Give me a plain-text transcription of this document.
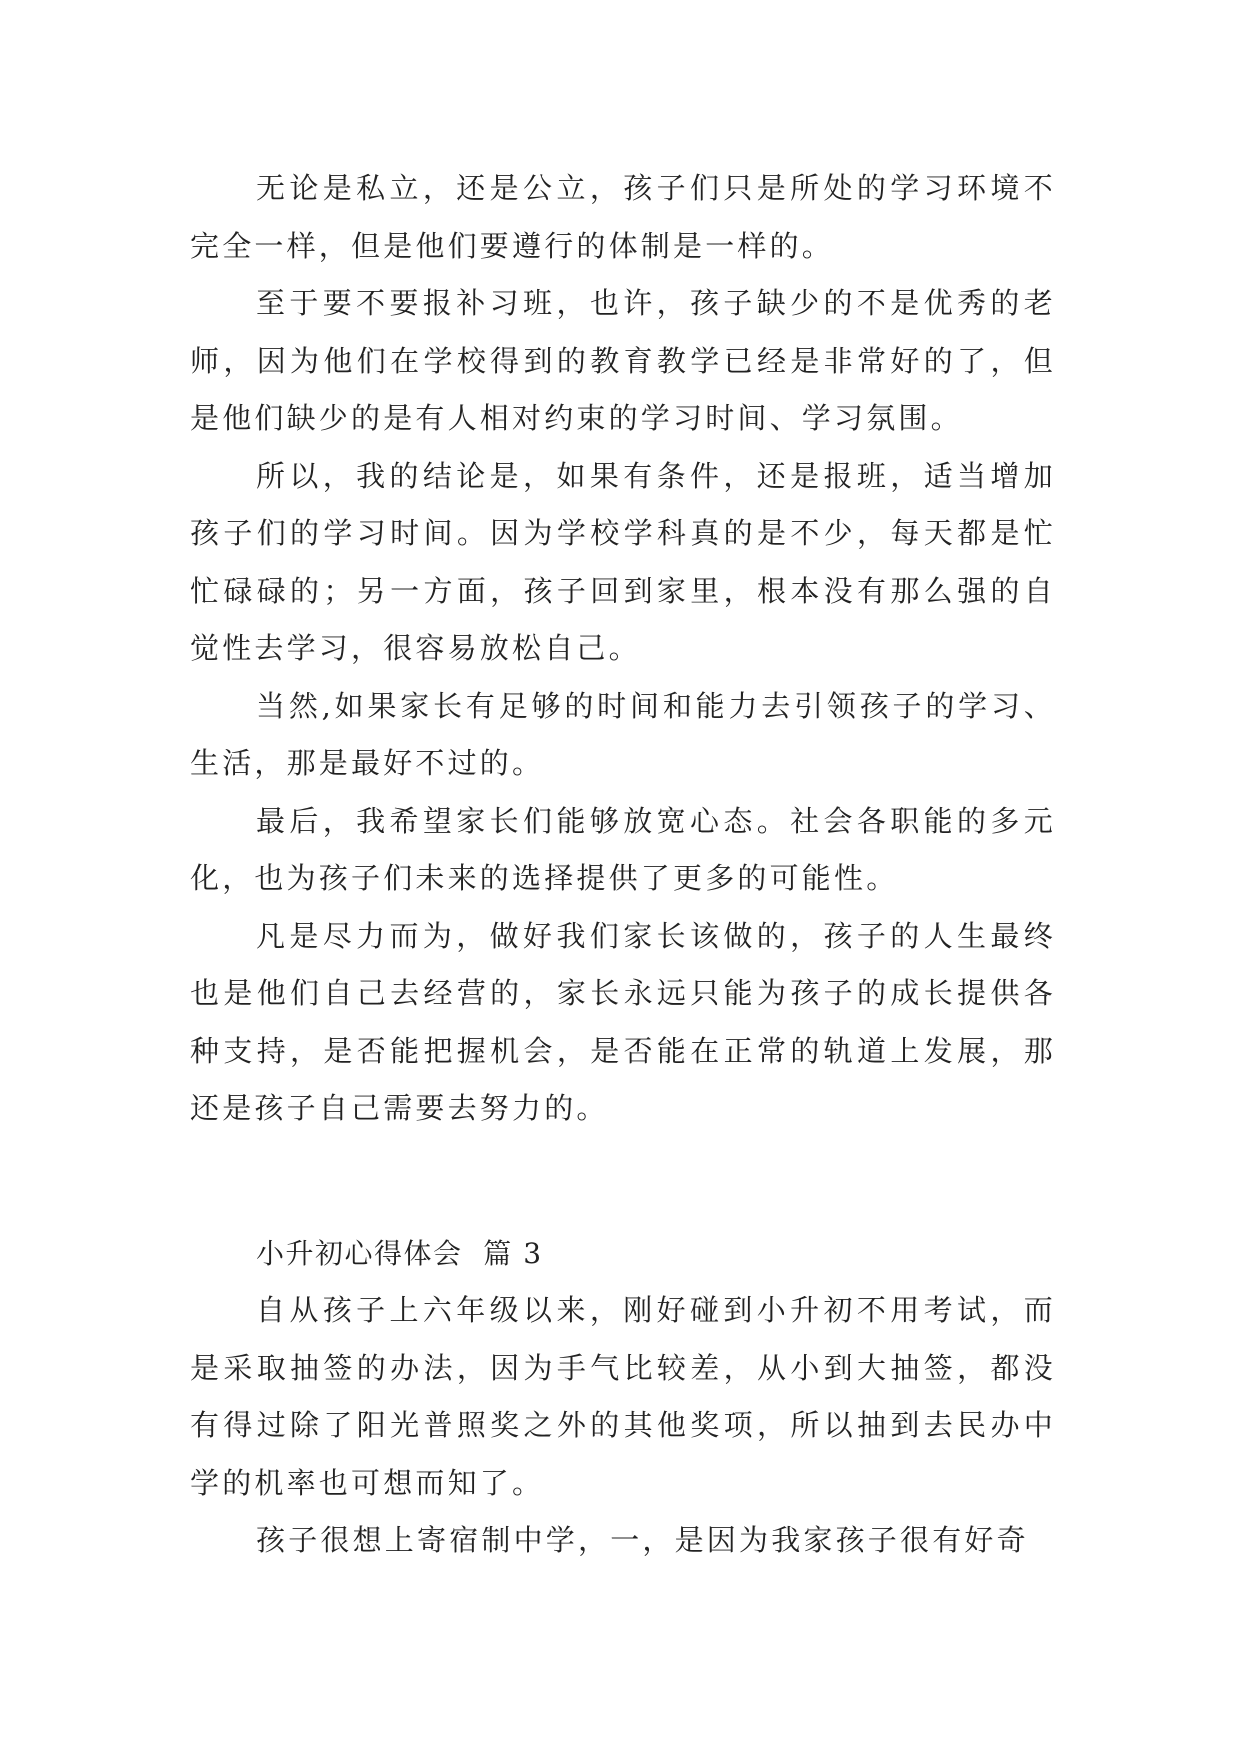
无论是私立，还是公立，孩子们只是所处的学习环境不完全一样，但是他们要遵行的体制是一样的。

至于要不要报补习班，也许，孩子缺少的不是优秀的老师，因为他们在学校得到的教育教学已经是非常好的了，但是他们缺少的是有人相对约束的学习时间、学习氛围。

所以，我的结论是，如果有条件，还是报班，适当增加孩子们的学习时间。因为学校学科真的是不少，每天都是忙忙碌碌的；另一方面，孩子回到家里，根本没有那么强的自觉性去学习，很容易放松自己。

当然,如果家长有足够的时间和能力去引领孩子的学习、生活，那是最好不过的。

最后，我希望家长们能够放宽心态。社会各职能的多元化，也为孩子们未来的选择提供了更多的可能性。

凡是尽力而为，做好我们家长该做的，孩子的人生最终也是他们自己去经营的，家长永远只能为孩子的成长提供各种支持，是否能把握机会，是否能在正常的轨道上发展，那还是孩子自己需要去努力的。

小升初心得体会  篇 3

自从孩子上六年级以来，刚好碰到小升初不用考试，而是采取抽签的办法，因为手气比较差，从小到大抽签，都没有得过除了阳光普照奖之外的其他奖项，所以抽到去民办中学的机率也可想而知了。

孩子很想上寄宿制中学，一，是因为我家孩子很有好奇
